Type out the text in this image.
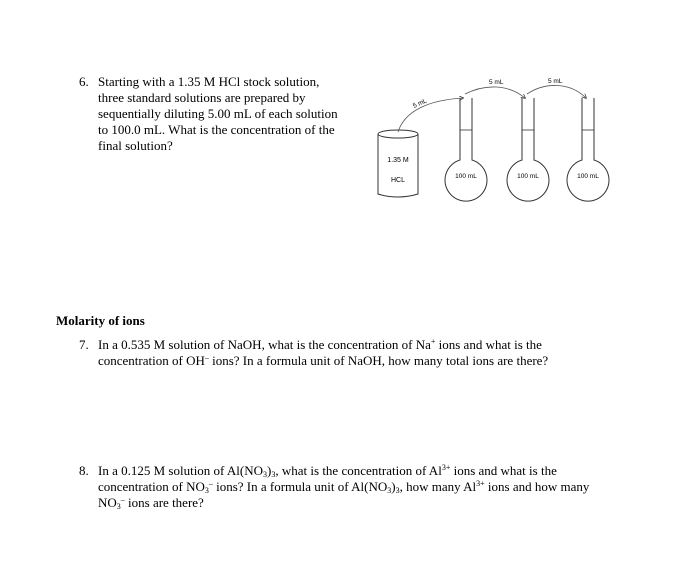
6. Starting with a 1.35 M HCl stock solution,
three standard solutions are prepared by
sequentially diluting 5.00 mL of each solution
to 100.0 mL. What is the concentration of the
final solution?
1.35 M
HCL
5 mL
5 mL	5 mL
100 mL	100 mL	100 mL
Molarity of ions
7. In a 0.535 M solution of NaOH, what is the concentration of Na+ ions and what is the
concentration of OH– ions? In a formula unit of NaOH, how many total ions are there?
8. In a 0.125 M solution of $Al(NO_3)_3$, what is the concentration of $Al^{3+}$ ions and what is the
concentration of $NO_3^-$ ions? In a formula unit of $Al(NO_3)_3$, how many $Al^{3+}$ ions and how many
$NO_3^-$ ions are there?
